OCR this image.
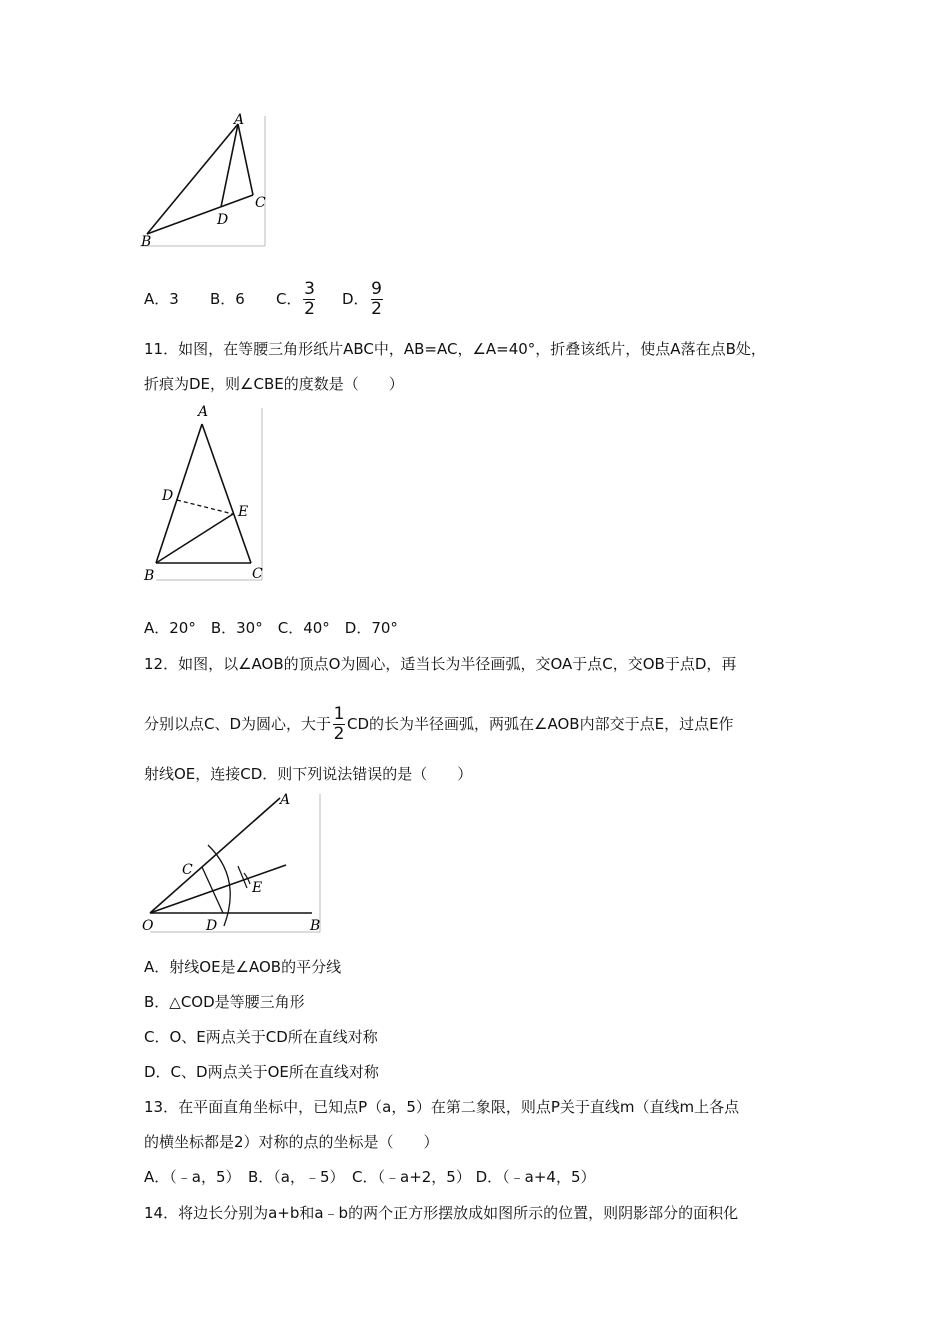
A
B
C
D
A．3	B．6	C． $\frac{3}{2}$ D． $\frac{9}{2}$
11．如图，在等腰三角形纸片ABC中，AB=AC，∠A=40°，折叠该纸片，使点A落在点B处，
折痕为DE，则∠CBE的度数是（　　）
A
B	C
D
E
A．20°　B．30°　C．40°　D．70°
12．如图，以∠AOB的顶点O为圆心，适当长为半径画弧，交OA于点C，交OB于点D，再
分别以点C、D为圆心，大于 $\frac{1}{2}$ CD的长为半径画弧，两弧在∠AOB内部交于点E，过点E作
射线OE，连接CD．则下列说法错误的是（　　）
A
B
C
D
E
O
A．射线OE是∠AOB的平分线
B．△COD是等腰三角形
C．O、E两点关于CD所在直线对称
D．C、D两点关于OE所在直线对称
13．在平面直角坐标中，已知点P（a，5）在第二象限，则点P关于直线m（直线m上各点
的横坐标都是2）对称的点的坐标是（　　）
A．（﹣a，5）　B．（a，﹣5）　C．（﹣a+2，5） D．（﹣a+4，5）
14．将边长分别为a+b和a﹣b的两个正方形摆放成如图所示的位置，则阴影部分的面积化
